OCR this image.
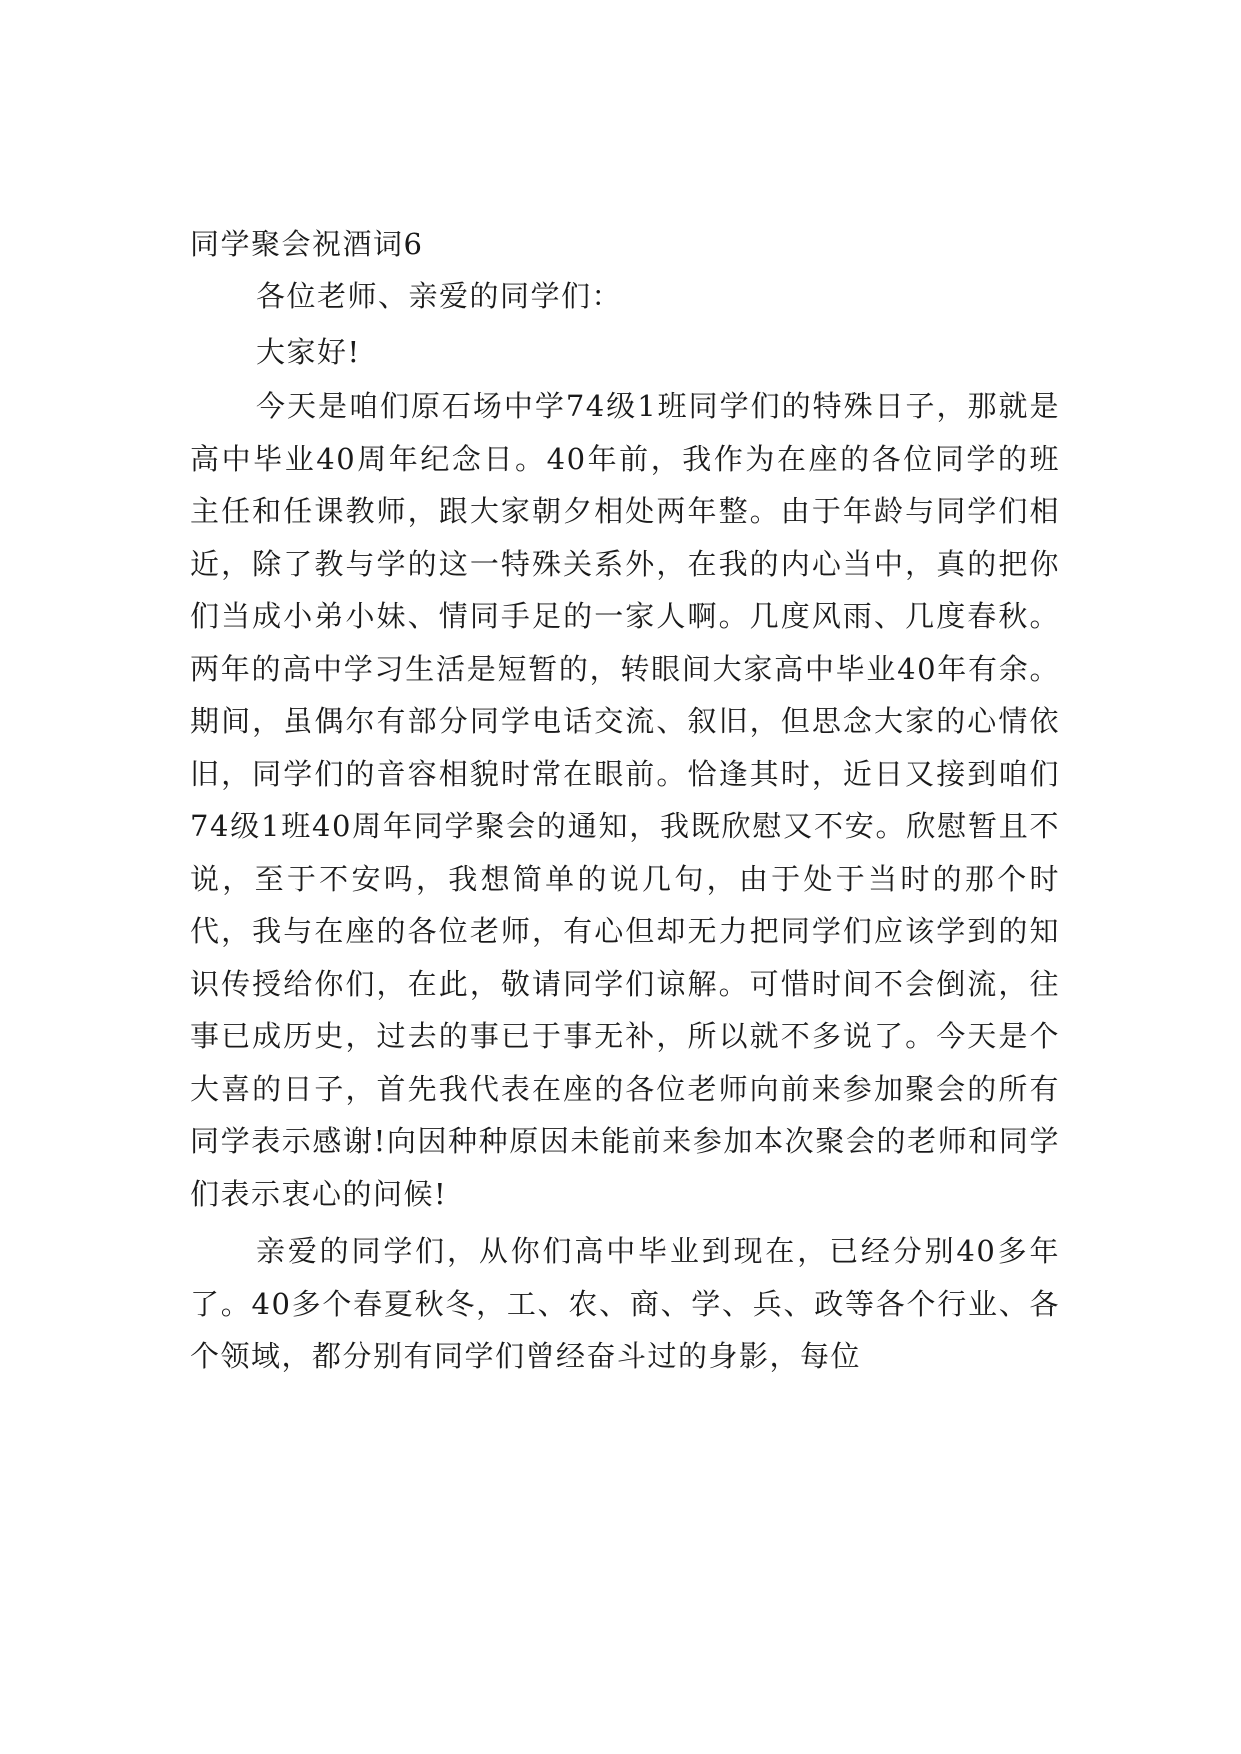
同学聚会祝酒词6

各位老师、亲爱的同学们：

大家好!

今天是咱们原石场中学74级1班同学们的特殊日子，那就是高中毕业40周年纪念日。40年前，我作为在座的各位同学的班主任和任课教师，跟大家朝夕相处两年整。由于年龄与同学们相近，除了教与学的这一特殊关系外，在我的内心当中，真的把你们当成小弟小妹、情同手足的一家人啊。几度风雨、几度春秋。两年的高中学习生活是短暂的，转眼间大家高中毕业40年有余。期间，虽偶尔有部分同学电话交流、叙旧，但思念大家的心情依旧，同学们的音容相貌时常在眼前。恰逢其时，近日又接到咱们74级1班40周年同学聚会的通知，我既欣慰又不安。欣慰暂且不说，至于不安吗，我想简单的说几句，由于处于当时的那个时代，我与在座的各位老师，有心但却无力把同学们应该学到的知识传授给你们，在此，敬请同学们谅解。可惜时间不会倒流，往事已成历史，过去的事已于事无补，所以就不多说了。今天是个大喜的日子，首先我代表在座的各位老师向前来参加聚会的所有同学表示感谢!向因种种原因未能前来参加本次聚会的老师和同学们表示衷心的问候!

亲爱的同学们，从你们高中毕业到现在，已经分别40多年了。40多个春夏秋冬，工、农、商、学、兵、政等各个行业、各个领域，都分别有同学们曾经奋斗过的身影，每位
